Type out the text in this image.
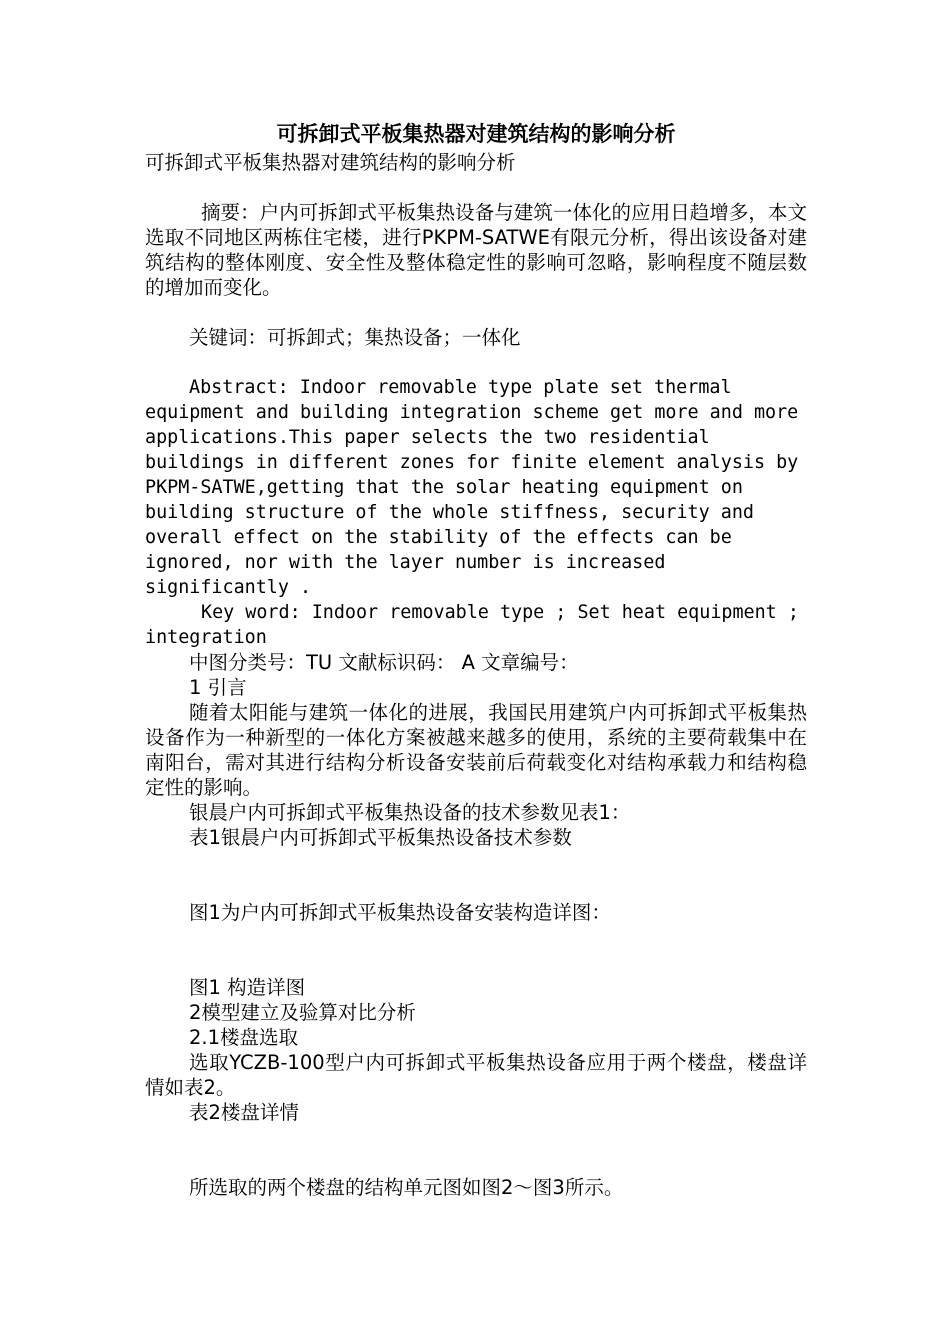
可拆卸式平板集热器对建筑结构的影响分析

可拆卸式平板集热器对建筑结构的影响分析

摘要：户内可拆卸式平板集热设备与建筑一体化的应用日趋增多，本文选取不同地区两栋住宅楼，进行PKPM-SATWE有限元分析，得出该设备对建筑结构的整体刚度、安全性及整体稳定性的影响可忽略，影响程度不随层数的增加而变化。

关键词：可拆卸式；集热设备；一体化

Abstract: Indoor removable type plate set thermal equipment and building integration scheme get more and more applications.This paper selects the two residential buildings in different zones for finite element analysis by PKPM-SATWE,getting that the solar heating equipment on building structure of the whole stiffness, security and overall effect on the stability of the effects can be ignored, nor with the layer number is increased significantly .

Key word: Indoor removable type ; Set heat equipment ; integration

中图分类号：TU 文献标识码： A 文章编号：

1 引言

随着太阳能与建筑一体化的进展，我国民用建筑户内可拆卸式平板集热设备作为一种新型的一体化方案被越来越多的使用，系统的主要荷载集中在南阳台，需对其进行结构分析设备安装前后荷载变化对结构承载力和结构稳定性的影响。

银晨户内可拆卸式平板集热设备的技术参数见表1：

表1银晨户内可拆卸式平板集热设备技术参数

图1为户内可拆卸式平板集热设备安装构造详图：

图1 构造详图

2模型建立及验算对比分析

2.1楼盘选取

选取YCZB-100型户内可拆卸式平板集热设备应用于两个楼盘，楼盘详情如表2。

表2楼盘详情

所选取的两个楼盘的结构单元图如图2～图3所示。
